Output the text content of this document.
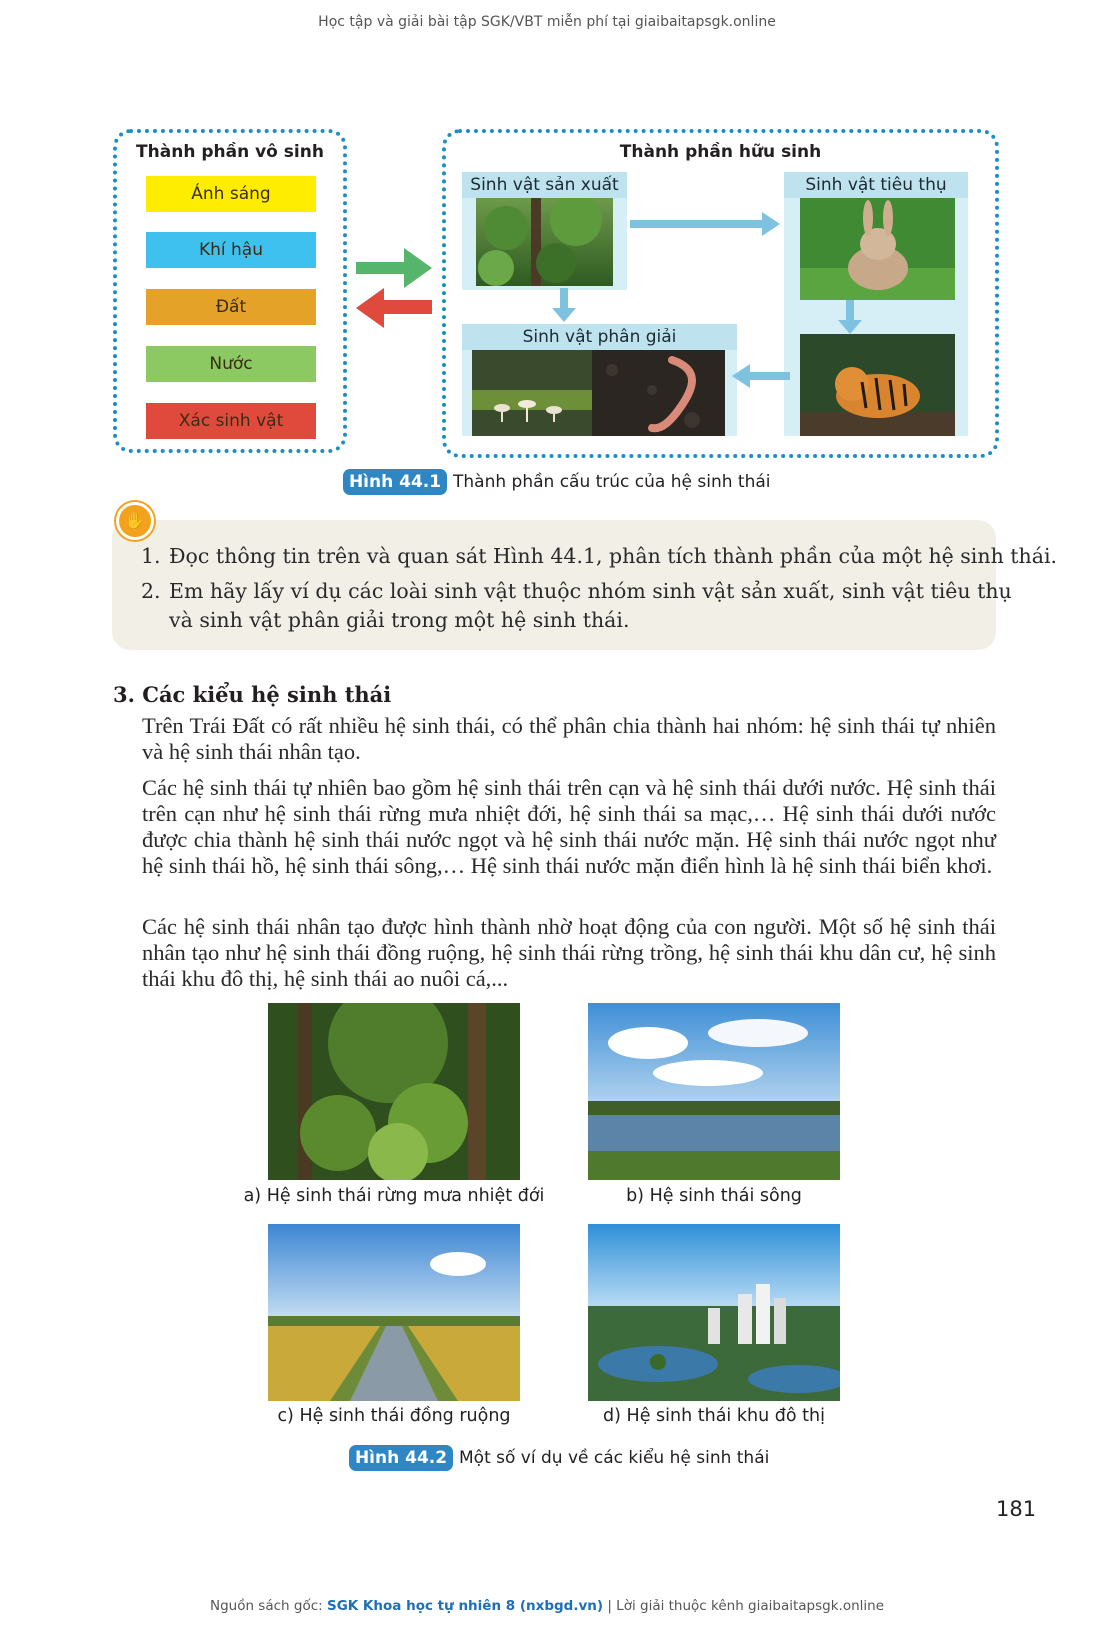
Học tập và giải bài tập SGK/VBT miễn phí tại giaibaitapsgk.online
Thành phần vô sinh
Ánh sáng
Khí hậu
Đất
Nước
Xác sinh vật
Thành phần hữu sinh
Sinh vật sản xuất	Sinh vật tiêu thụ
Sinh vật phân giải
Hình 44.1 Thành phần cấu trúc của hệ sinh thái
✋
1. Đọc thông tin trên và quan sát Hình 44.1, phân tích thành phần của một hệ sinh thái.
2. Em hãy lấy ví dụ các loài sinh vật thuộc nhóm sinh vật sản xuất, sinh vật tiêu thụ
và sinh vật phân giải trong một hệ sinh thái.
3. Các kiểu hệ sinh thái
Trên Trái Đất có rất nhiều hệ sinh thái, có thể phân chia thành hai nhóm: hệ sinh thái tự nhiên và hệ sinh thái nhân tạo.
Các hệ sinh thái tự nhiên bao gồm hệ sinh thái trên cạn và hệ sinh thái dưới nước. Hệ sinh thái trên cạn như hệ sinh thái rừng mưa nhiệt đới, hệ sinh thái sa mạc,… Hệ sinh thái dưới nước được chia thành hệ sinh thái nước ngọt và hệ sinh thái nước mặn. Hệ sinh thái nước ngọt như hệ sinh thái hồ, hệ sinh thái sông,… Hệ sinh thái nước mặn điển hình là hệ sinh thái biển khơi.
Các hệ sinh thái nhân tạo được hình thành nhờ hoạt động của con người. Một số hệ sinh thái nhân tạo như hệ sinh thái đồng ruộng, hệ sinh thái rừng trồng, hệ sinh thái khu dân cư, hệ sinh thái khu đô thị, hệ sinh thái ao nuôi cá,...
a) Hệ sinh thái rừng mưa nhiệt đới	b) Hệ sinh thái sông
c) Hệ sinh thái đồng ruộng	d) Hệ sinh thái khu đô thị
Hình 44.2 Một số ví dụ về các kiểu hệ sinh thái
181
Nguồn sách gốc: SGK Khoa học tự nhiên 8 (nxbgd.vn) | Lời giải thuộc kênh giaibaitapsgk.online
